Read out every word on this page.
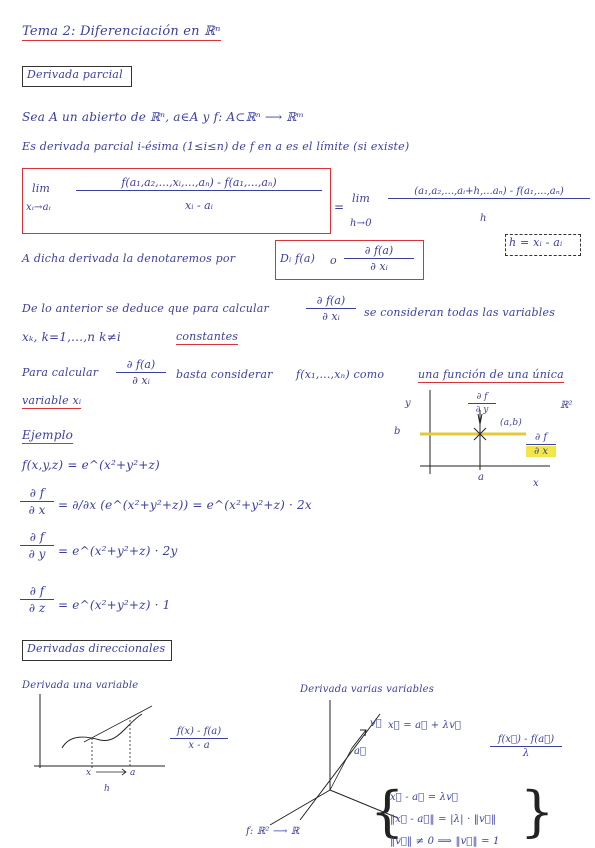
Tema 2: Diferenciación en ℝⁿ
Derivada parcial
Sea A un abierto de ℝⁿ, a∈A y f: A⊂ℝⁿ ⟶ ℝᵐ
Es derivada parcial i-ésima (1≤i≤n) de f en a es el límite (si existe)
lim
xᵢ→aᵢ
f(a₁,a₂,...,xᵢ,...,aₙ) - f(a₁,...,aₙ)
xᵢ - aᵢ	=
lim
h→0
(a₁,a₂,...,aᵢ+h,...aₙ) - f(a₁,...,aₙ)
h
h = xᵢ - aᵢ
A dicha derivada la denotaremos por	Dᵢ f(a) o
∂ f(a)
∂ xᵢ
De lo anterior se deduce que para calcular
∂ f(a)
∂ xᵢ	se consideran todas las variables
xₖ, k=1,...,n k≠i	constantes
Para calcular
∂ f(a)
∂ xᵢ	basta considerar f(x₁,...,xₙ) como	una función de una única
variable xᵢ
Ejemplo
f(x,y,z) = e^(x²+y²+z)
∂ f
∂ x	= ∂/∂x (e^(x²+y²+z)) = e^(x²+y²+z) · 2x
∂ f
∂ y	= e^(x²+y²+z) · 2y
∂ f
∂ z	= e^(x²+y²+z) · 1
y
b
a
x
(a,b)
ℝ²
∂ f
∂ y
∂ f
∂ x
Derivadas direccionales
Derivada una variable	Derivada varias variables
x	a
h
f(x) - f(a)
x - a
v⃗
a⃗
x⃗ = a⃗ + λv⃗
f(x⃗) - f(a⃗)
λ
f: ℝ² ⟶ ℝ {
x⃗ - a⃗ = λv⃗
‖x⃗ - a⃗‖ = |λ| · ‖v⃗‖
‖v⃗‖ ≠ 0 ⟹ ‖v⃗‖ = 1 }
